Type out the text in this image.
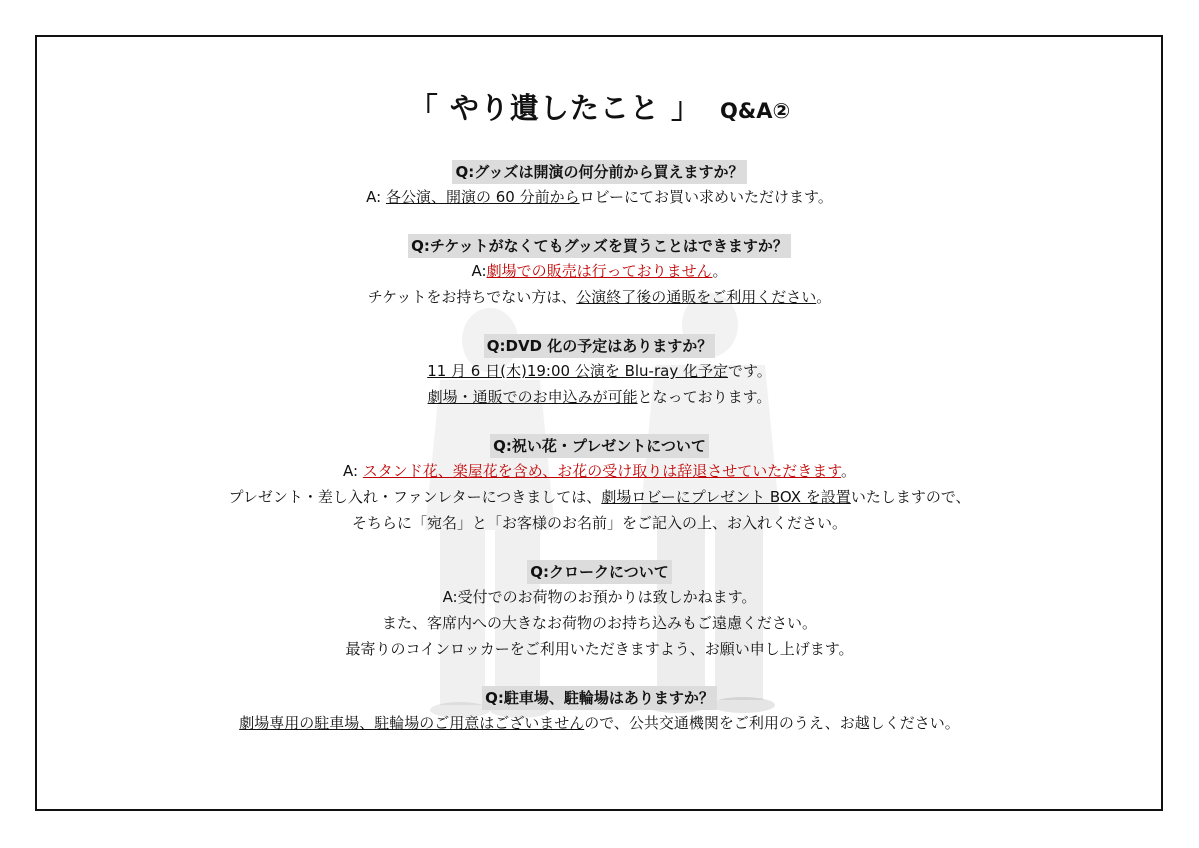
「 やり遺したこと 」 Q&A②
Q:グッズは開演の何分前から買えますか？
A: 各公演、開演の 60 分前からロビーにてお買い求めいただけます。
Q:チケットがなくてもグッズを買うことはできますか？
A:劇場での販売は行っておりません。
チケットをお持ちでない方は、公演終了後の通販をご利用ください。
Q:DVD 化の予定はありますか？
11 月 6 日(木)19:00 公演を Blu-ray 化予定です。
劇場・通販でのお申込みが可能となっております。
Q:祝い花・プレゼントについて
A: スタンド花、楽屋花を含め、お花の受け取りは辞退させていただきます。
プレゼント・差し入れ・ファンレターにつきましては、劇場ロビーにプレゼント BOX を設置いたしますので、
そちらに「宛名」と「お客様のお名前」をご記入の上、お入れください。
Q:クロークについて
A:受付でのお荷物のお預かりは致しかねます。
また、客席内への大きなお荷物のお持ち込みもご遠慮ください。
最寄りのコインロッカーをご利用いただきますよう、お願い申し上げます。
Q:駐車場、駐輪場はありますか？
劇場専用の駐車場、駐輪場のご用意はございませんので、公共交通機関をご利用のうえ、お越しください。
